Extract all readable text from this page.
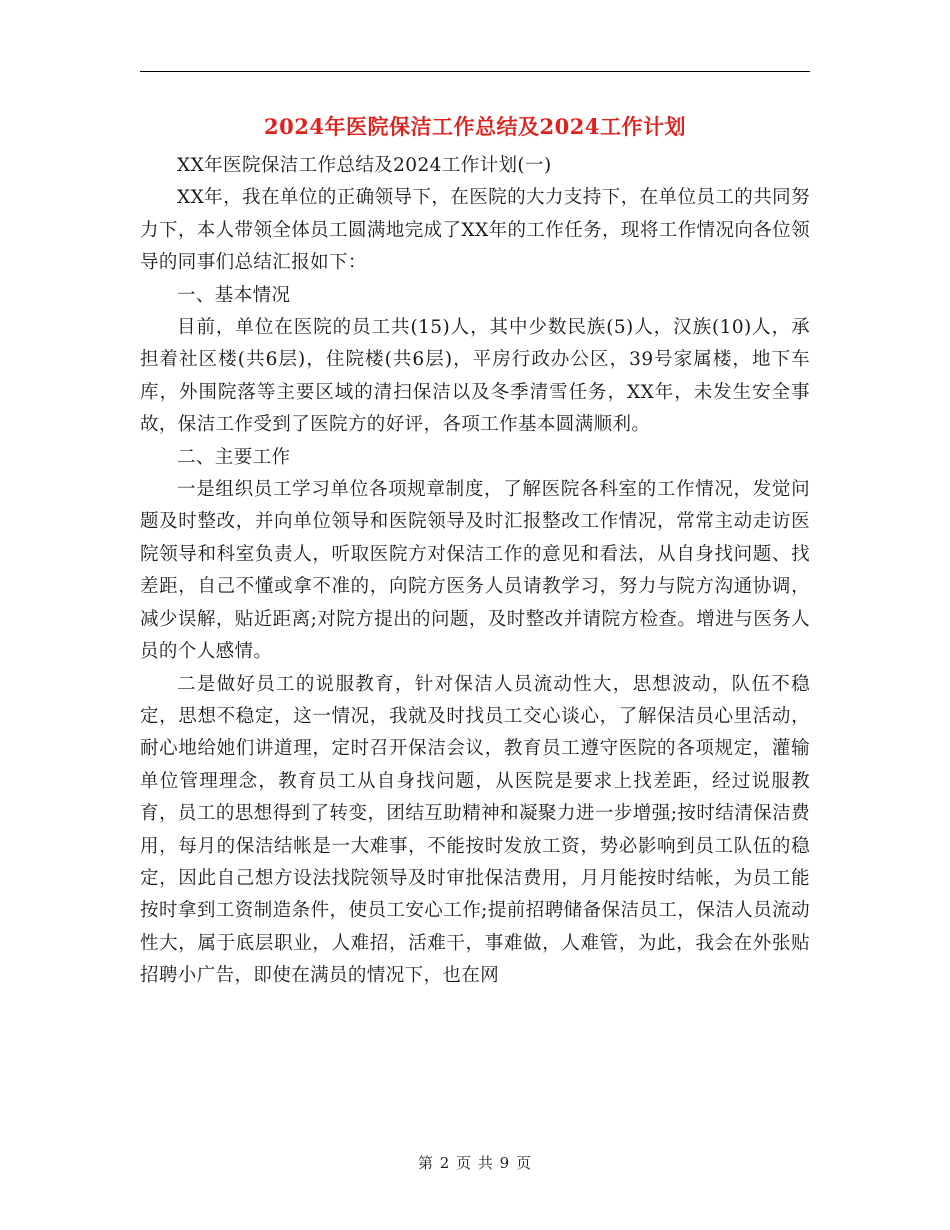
2024年医院保洁工作总结及2024工作计划

XX年医院保洁工作总结及2024工作计划(一)

XX年，我在单位的正确领导下，在医院的大力支持下，在单位员工的共同努力下，本人带领全体员工圆满地完成了XX年的工作任务，现将工作情况向各位领导的同事们总结汇报如下：

一、基本情况

目前，单位在医院的员工共(15)人，其中少数民族(5)人，汉族(10)人，承担着社区楼(共6层)，住院楼(共6层)，平房行政办公区，39号家属楼，地下车库，外围院落等主要区域的清扫保洁以及冬季清雪任务，XX年，未发生安全事故，保洁工作受到了医院方的好评，各项工作基本圆满顺利。

二、主要工作

一是组织员工学习单位各项规章制度，了解医院各科室的工作情况，发觉问题及时整改，并向单位领导和医院领导及时汇报整改工作情况，常常主动走访医院领导和科室负责人，听取医院方对保洁工作的意见和看法，从自身找问题、找差距，自己不懂或拿不准的，向院方医务人员请教学习，努力与院方沟通协调，减少误解，贴近距离;对院方提出的问题，及时整改并请院方检查。增进与医务人员的个人感情。

二是做好员工的说服教育，针对保洁人员流动性大，思想波动，队伍不稳定，思想不稳定，这一情况，我就及时找员工交心谈心，了解保洁员心里活动，耐心地给她们讲道理，定时召开保洁会议，教育员工遵守医院的各项规定，灌输单位管理理念，教育员工从自身找问题，从医院是要求上找差距，经过说服教育，员工的思想得到了转变，团结互助精神和凝聚力进一步增强;按时结清保洁费用，每月的保洁结帐是一大难事，不能按时发放工资，势必影响到员工队伍的稳定，因此自己想方设法找院领导及时审批保洁费用，月月能按时结帐，为员工能按时拿到工资制造条件，使员工安心工作;提前招聘储备保洁员工，保洁人员流动性大，属于底层职业，人难招，活难干，事难做，人难管，为此，我会在外张贴招聘小广告，即使在满员的情况下，也在网

第 2 页 共 9 页
